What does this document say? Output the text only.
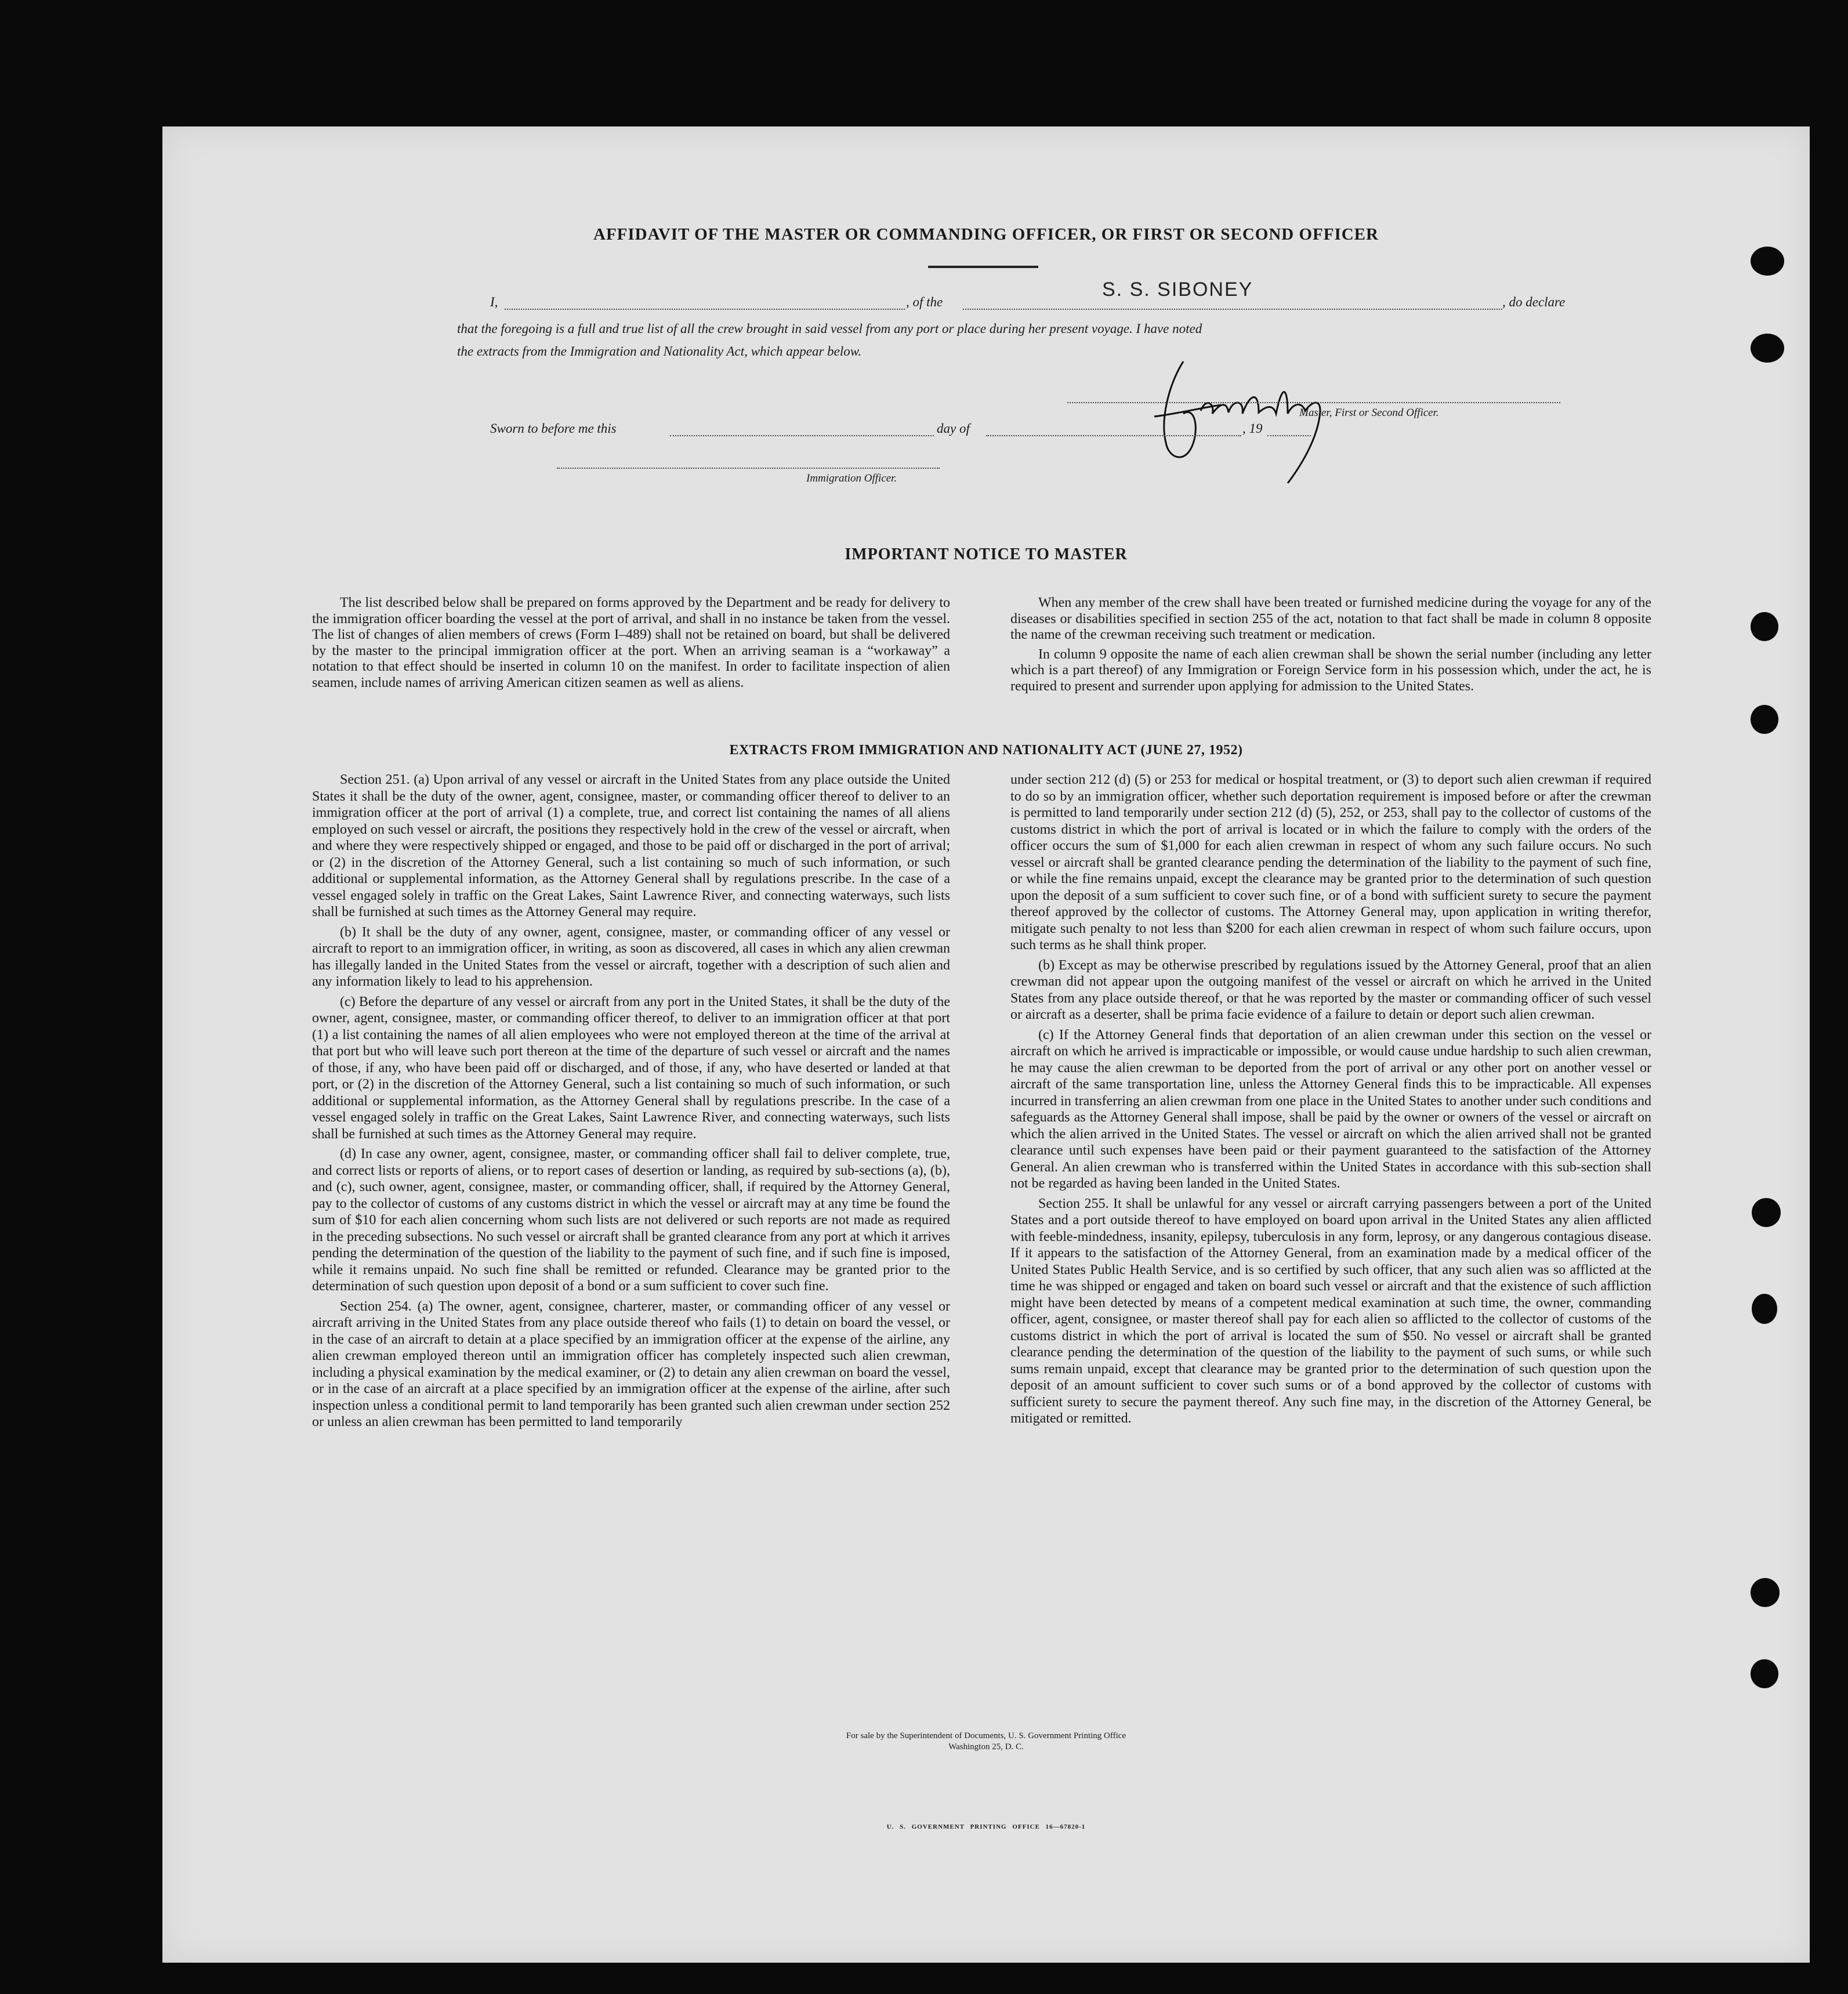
AFFIDAVIT OF THE MASTER OR COMMANDING OFFICER, OR FIRST OR SECOND OFFICER
I,	, of the
S. S. SIBONEY
, do declare
that the foregoing is a full and true list of all the crew brought in said vessel from any port or place during her present voyage. I have noted
the extracts from the Immigration and Nationality Act, which appear below.
Master, First or Second Officer.
Sworn to before me this	day of	, 19
Immigration Officer.
IMPORTANT NOTICE TO MASTER

The list described below shall be prepared on forms approved by the Department and be ready for delivery to the immigration officer boarding the vessel at the port of arrival, and shall in no instance be taken from the vessel. The list of changes of alien members of crews (Form I–489) shall not be retained on board, but shall be delivered by the master to the principal immigration officer at the port. When an arriving seaman is a “workaway” a notation to that effect should be inserted in column 10 on the manifest. In order to facilitate inspection of alien seamen, include names of arriving American citizen seamen as well as aliens.

When any member of the crew shall have been treated or furnished medicine during the voyage for any of the diseases or disabilities specified in section 255 of the act, notation to that fact shall be made in column 8 opposite the name of the crewman receiving such treatment or medication.

In column 9 opposite the name of each alien crewman shall be shown the serial number (including any letter which is a part thereof) of any Immigration or Foreign Service form in his possession which, under the act, he is required to present and surrender upon applying for admission to the United States.

EXTRACTS FROM IMMIGRATION AND NATIONALITY ACT (JUNE 27, 1952)

Section 251. (a) Upon arrival of any vessel or aircraft in the United States from any place outside the United States it shall be the duty of the owner, agent, consignee, master, or commanding officer thereof to deliver to an immigration officer at the port of arrival (1) a complete, true, and correct list containing the names of all aliens employed on such vessel or aircraft, the positions they respectively hold in the crew of the vessel or aircraft, when and where they were respectively shipped or engaged, and those to be paid off or discharged in the port of arrival; or (2) in the discretion of the Attorney General, such a list containing so much of such information, or such additional or supplemental information, as the Attorney General shall by regulations prescribe. In the case of a vessel engaged solely in traffic on the Great Lakes, Saint Lawrence River, and connecting waterways, such lists shall be furnished at such times as the Attorney General may require.

(b) It shall be the duty of any owner, agent, consignee, master, or commanding officer of any vessel or aircraft to report to an immigration officer, in writing, as soon as discovered, all cases in which any alien crewman has illegally landed in the United States from the vessel or aircraft, together with a description of such alien and any information likely to lead to his apprehension.

(c) Before the departure of any vessel or aircraft from any port in the United States, it shall be the duty of the owner, agent, consignee, master, or commanding officer thereof, to deliver to an immigration officer at that port (1) a list containing the names of all alien employees who were not employed thereon at the time of the arrival at that port but who will leave such port thereon at the time of the departure of such vessel or aircraft and the names of those, if any, who have been paid off or discharged, and of those, if any, who have deserted or landed at that port, or (2) in the discretion of the Attorney General, such a list containing so much of such information, or such additional or supplemental information, as the Attorney General shall by regulations prescribe. In the case of a vessel engaged solely in traffic on the Great Lakes, Saint Lawrence River, and connecting waterways, such lists shall be furnished at such times as the Attorney General may require.

(d) In case any owner, agent, consignee, master, or commanding officer shall fail to deliver complete, true, and correct lists or reports of aliens, or to report cases of desertion or landing, as required by sub-sections (a), (b), and (c), such owner, agent, consignee, master, or commanding officer, shall, if required by the Attorney General, pay to the collector of customs of any customs district in which the vessel or aircraft may at any time be found the sum of $10 for each alien concerning whom such lists are not delivered or such reports are not made as required in the preceding subsections. No such vessel or aircraft shall be granted clearance from any port at which it arrives pending the determination of the question of the liability to the payment of such fine, and if such fine is imposed, while it remains unpaid. No such fine shall be remitted or refunded. Clearance may be granted prior to the determination of such question upon deposit of a bond or a sum sufficient to cover such fine.

Section 254. (a) The owner, agent, consignee, charterer, master, or commanding officer of any vessel or aircraft arriving in the United States from any place outside thereof who fails (1) to detain on board the vessel, or in the case of an aircraft to detain at a place specified by an immigration officer at the expense of the airline, any alien crewman employed thereon until an immigration officer has completely inspected such alien crewman, including a physical examination by the medical examiner, or (2) to detain any alien crewman on board the vessel, or in the case of an aircraft at a place specified by an immigration officer at the expense of the airline, after such inspection unless a conditional permit to land temporarily has been granted such alien crewman under section 252 or unless an alien crewman has been permitted to land temporarily

under section 212 (d) (5) or 253 for medical or hospital treatment, or (3) to deport such alien crewman if required to do so by an immigration officer, whether such deportation requirement is imposed before or after the crewman is permitted to land temporarily under section 212 (d) (5), 252, or 253, shall pay to the collector of customs of the customs district in which the port of arrival is located or in which the failure to comply with the orders of the officer occurs the sum of $1,000 for each alien crewman in respect of whom any such failure occurs. No such vessel or aircraft shall be granted clearance pending the determination of the liability to the payment of such fine, or while the fine remains unpaid, except the clearance may be granted prior to the determination of such question upon the deposit of a sum sufficient to cover such fine, or of a bond with sufficient surety to secure the payment thereof approved by the collector of customs. The Attorney General may, upon application in writing therefor, mitigate such penalty to not less than $200 for each alien crewman in respect of whom such failure occurs, upon such terms as he shall think proper.

(b) Except as may be otherwise prescribed by regulations issued by the Attorney General, proof that an alien crewman did not appear upon the outgoing manifest of the vessel or aircraft on which he arrived in the United States from any place outside thereof, or that he was reported by the master or commanding officer of such vessel or aircraft as a deserter, shall be prima facie evidence of a failure to detain or deport such alien crewman.

(c) If the Attorney General finds that deportation of an alien crewman under this section on the vessel or aircraft on which he arrived is impracticable or impossible, or would cause undue hardship to such alien crewman, he may cause the alien crewman to be deported from the port of arrival or any other port on another vessel or aircraft of the same transportation line, unless the Attorney General finds this to be impracticable. All expenses incurred in transferring an alien crewman from one place in the United States to another under such conditions and safeguards as the Attorney General shall impose, shall be paid by the owner or owners of the vessel or aircraft on which the alien arrived in the United States. The vessel or aircraft on which the alien arrived shall not be granted clearance until such expenses have been paid or their payment guaranteed to the satisfaction of the Attorney General. An alien crewman who is transferred within the United States in accordance with this sub-section shall not be regarded as having been landed in the United States.

Section 255. It shall be unlawful for any vessel or aircraft carrying passengers between a port of the United States and a port outside thereof to have employed on board upon arrival in the United States any alien afflicted with feeble-mindedness, insanity, epilepsy, tuberculosis in any form, leprosy, or any dangerous contagious disease. If it appears to the satisfaction of the Attorney General, from an examination made by a medical officer of the United States Public Health Service, and is so certified by such officer, that any such alien was so afflicted at the time he was shipped or engaged and taken on board such vessel or aircraft and that the existence of such affliction might have been detected by means of a competent medical examination at such time, the owner, commanding officer, agent, consignee, or master thereof shall pay for each alien so afflicted to the collector of customs of the customs district in which the port of arrival is located the sum of $50. No vessel or aircraft shall be granted clearance pending the determination of the question of the liability to the payment of such sums, or while such sums remain unpaid, except that clearance may be granted prior to the determination of such question upon the deposit of an amount sufficient to cover such sums or of a bond approved by the collector of customs with sufficient surety to secure the payment thereof. Any such fine may, in the discretion of the Attorney General, be mitigated or remitted.

U. S. GOVERNMENT PRINTING OFFICE 16—67820-1
For sale by the Superintendent of Documents, U. S. Government Printing Office
Washington 25, D. C.
